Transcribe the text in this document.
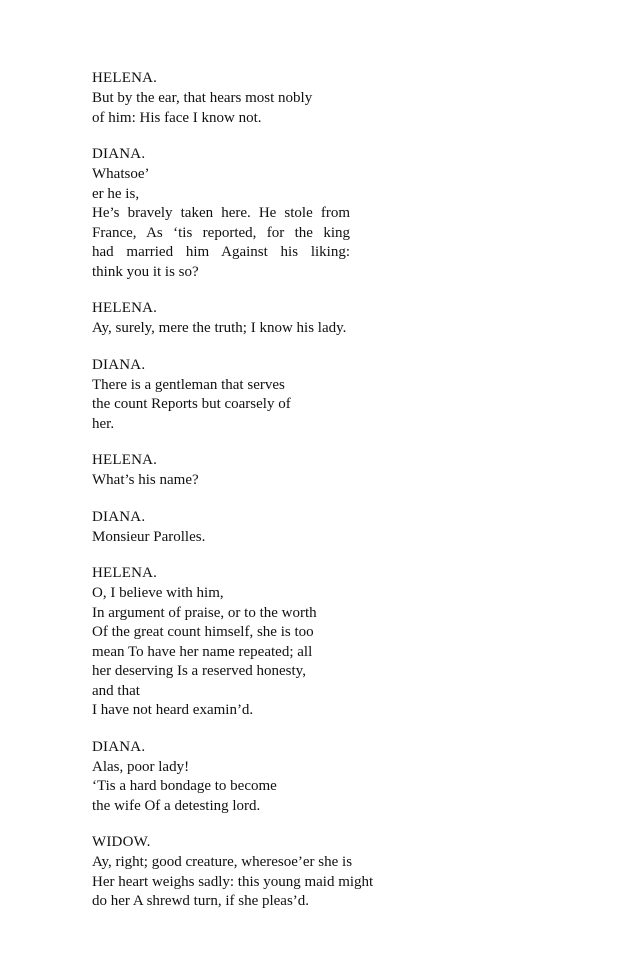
HELENA.
But by the ear, that hears most nobly
of him: His face I know not.
DIANA.
Whatsoe’
er he is,
He’s bravely taken here. He stole from
France, As ‘tis reported, for the king
had married him Against his liking:
think you it is so?
HELENA.
Ay, surely, mere the truth; I know his lady.
DIANA.
There is a gentleman that serves
the count Reports but coarsely of
her.
HELENA.
What’s his name?
DIANA.
Monsieur Parolles.
HELENA.
O, I believe with him,
In argument of praise, or to the worth
Of the great count himself, she is too
mean To have her name repeated; all
her deserving Is a reserved honesty,
and that
I have not heard examin’d.
DIANA.
Alas, poor lady!
‘Tis a hard bondage to become
the wife Of a detesting lord.
WIDOW.
Ay, right; good creature, wheresoe’er she is
Her heart weighs sadly: this young maid might
do her A shrewd turn, if she pleas’d.
